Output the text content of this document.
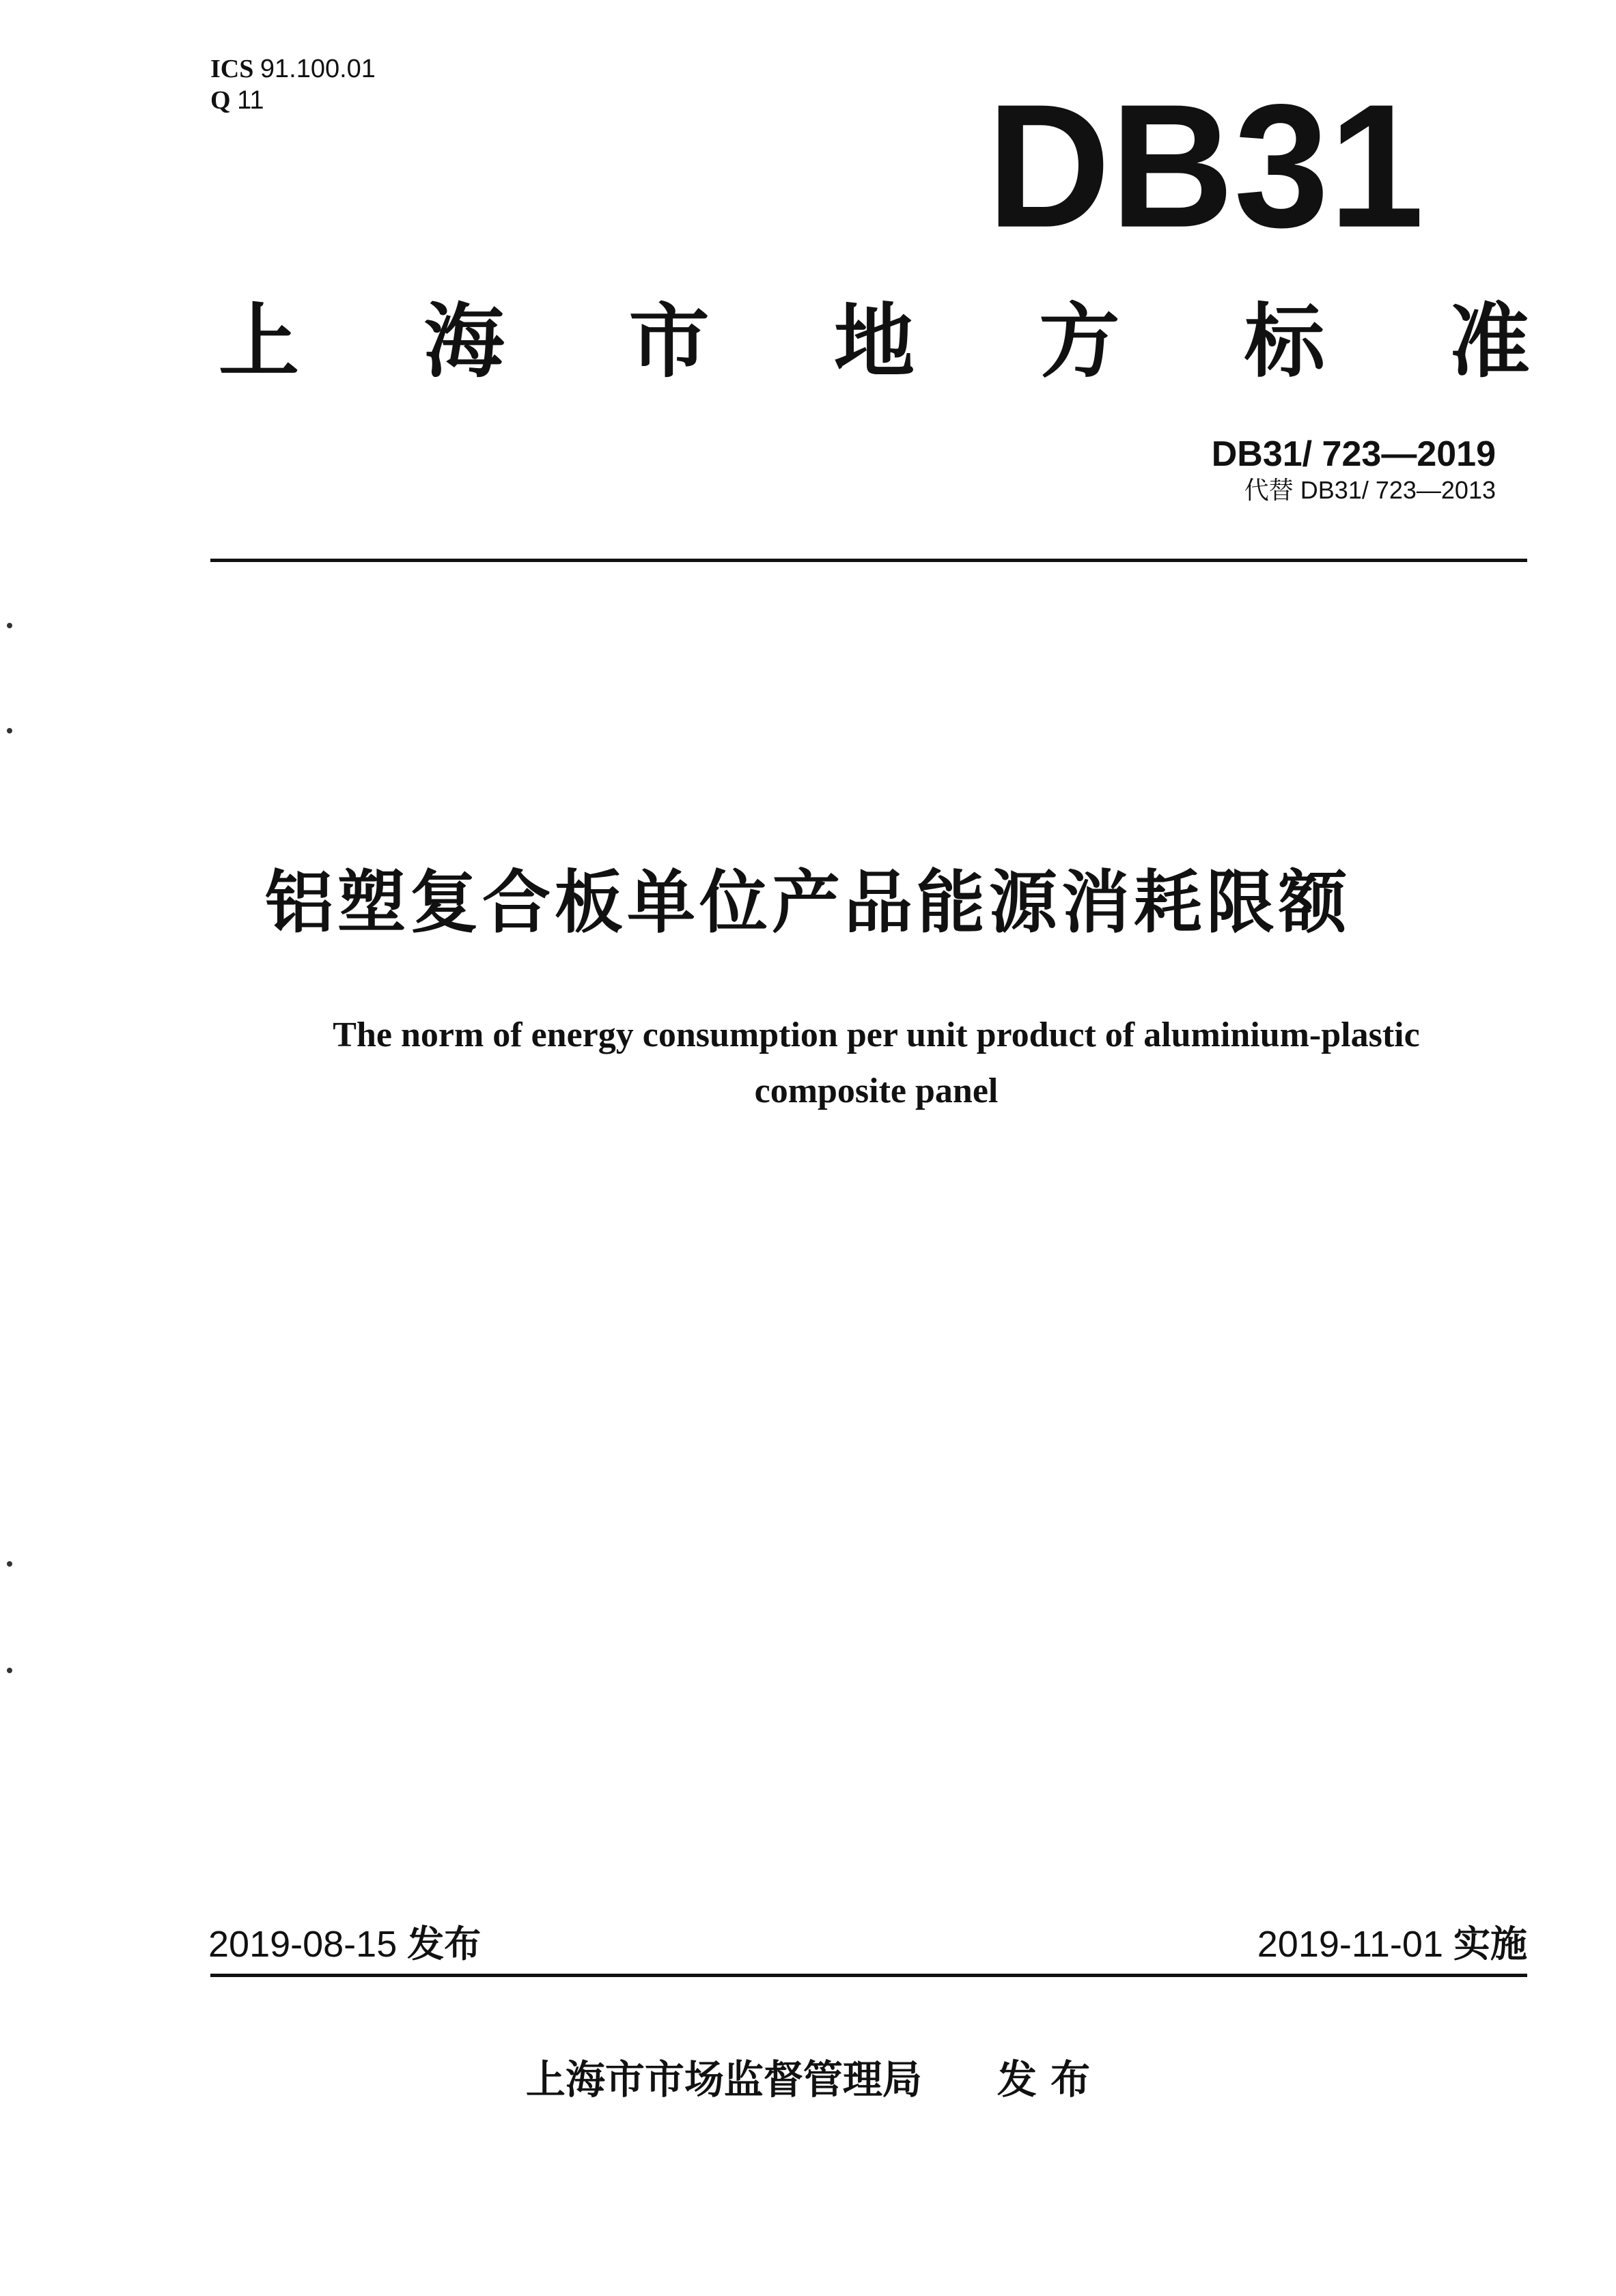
ICS 91.100.01
Q 11	DB31
上 海 市 地 方 标 准
DB31/ 723—2019
代替 DB31/ 723—2013
铝塑复合板单位产品能源消耗限额
The norm of energy consumption per unit product of aluminium-plastic composite panel
2019-08-15 发布	2019-11-01 实施
上海市市场监督管理局 发 布
